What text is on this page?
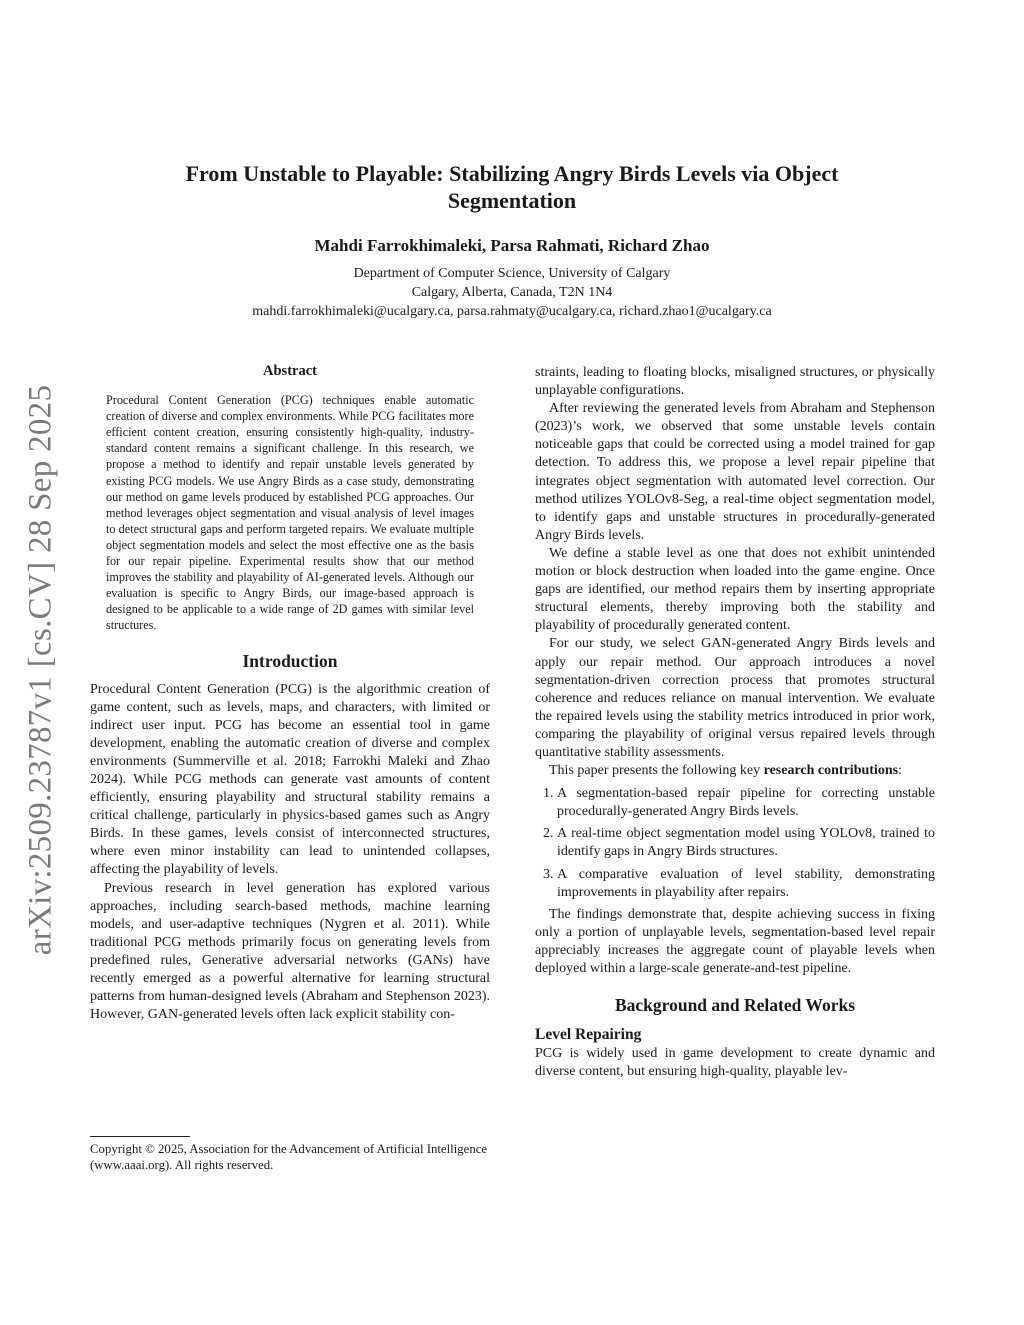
From Unstable to Playable: Stabilizing Angry Birds Levels via Object Segmentation

Mahdi Farrokhimaleki, Parsa Rahmati, Richard Zhao

Department of Computer Science, University of Calgary
Calgary, Alberta, Canada, T2N 1N4
mahdi.farrokhimaleki@ucalgary.ca, parsa.rahmaty@ucalgary.ca, richard.zhao1@ucalgary.ca
arXiv:2509.23787v1 [cs.CV] 28 Sep 2025
Abstract

Procedural Content Generation (PCG) techniques enable automatic creation of diverse and complex environments. While PCG facilitates more efficient content creation, ensuring consistently high-quality, industry-standard content remains a significant challenge. In this research, we propose a method to identify and repair unstable levels generated by existing PCG models. We use Angry Birds as a case study, demonstrating our method on game levels produced by established PCG approaches. Our method leverages object segmentation and visual analysis of level images to detect structural gaps and perform targeted repairs. We evaluate multiple object segmentation models and select the most effective one as the basis for our repair pipeline. Experimental results show that our method improves the stability and playability of AI-generated levels. Although our evaluation is specific to Angry Birds, our image-based approach is designed to be applicable to a wide range of 2D games with similar level structures.

Introduction

Procedural Content Generation (PCG) is the algorithmic creation of game content, such as levels, maps, and characters, with limited or indirect user input. PCG has become an essential tool in game development, enabling the automatic creation of diverse and complex environments (Summerville et al. 2018; Farrokhi Maleki and Zhao 2024). While PCG methods can generate vast amounts of content efficiently, ensuring playability and structural stability remains a critical challenge, particularly in physics-based games such as Angry Birds. In these games, levels consist of interconnected structures, where even minor instability can lead to unintended collapses, affecting the playability of levels.

Previous research in level generation has explored various approaches, including search-based methods, machine learning models, and user-adaptive techniques (Nygren et al. 2011). While traditional PCG methods primarily focus on generating levels from predefined rules, Generative adversarial networks (GANs) have recently emerged as a powerful alternative for learning structural patterns from human-designed levels (Abraham and Stephenson 2023). However, GAN-generated levels often lack explicit stability con-

Copyright © 2025, Association for the Advancement of Artificial Intelligence (www.aaai.org). All rights reserved.

straints, leading to floating blocks, misaligned structures, or physically unplayable configurations.

After reviewing the generated levels from Abraham and Stephenson (2023)’s work, we observed that some unstable levels contain noticeable gaps that could be corrected using a model trained for gap detection. To address this, we propose a level repair pipeline that integrates object segmentation with automated level correction. Our method utilizes YOLOv8-Seg, a real-time object segmentation model, to identify gaps and unstable structures in procedurally-generated Angry Birds levels.

We define a stable level as one that does not exhibit unintended motion or block destruction when loaded into the game engine. Once gaps are identified, our method repairs them by inserting appropriate structural elements, thereby improving both the stability and playability of procedurally generated content.

For our study, we select GAN-generated Angry Birds levels and apply our repair method. Our approach introduces a novel segmentation-driven correction process that promotes structural coherence and reduces reliance on manual intervention. We evaluate the repaired levels using the stability metrics introduced in prior work, comparing the playability of original versus repaired levels through quantitative stability assessments.

This paper presents the following key research contributions:

1. A segmentation-based repair pipeline for correcting unstable procedurally-generated Angry Birds levels.
2. A real-time object segmentation model using YOLOv8, trained to identify gaps in Angry Birds structures.
3. A comparative evaluation of level stability, demonstrating improvements in playability after repairs.

The findings demonstrate that, despite achieving success in fixing only a portion of unplayable levels, segmentation-based level repair appreciably increases the aggregate count of playable levels when deployed within a large-scale generate-and-test pipeline.

Background and Related Works
Level Repairing

PCG is widely used in game development to create dynamic and diverse content, but ensuring high-quality, playable lev-
